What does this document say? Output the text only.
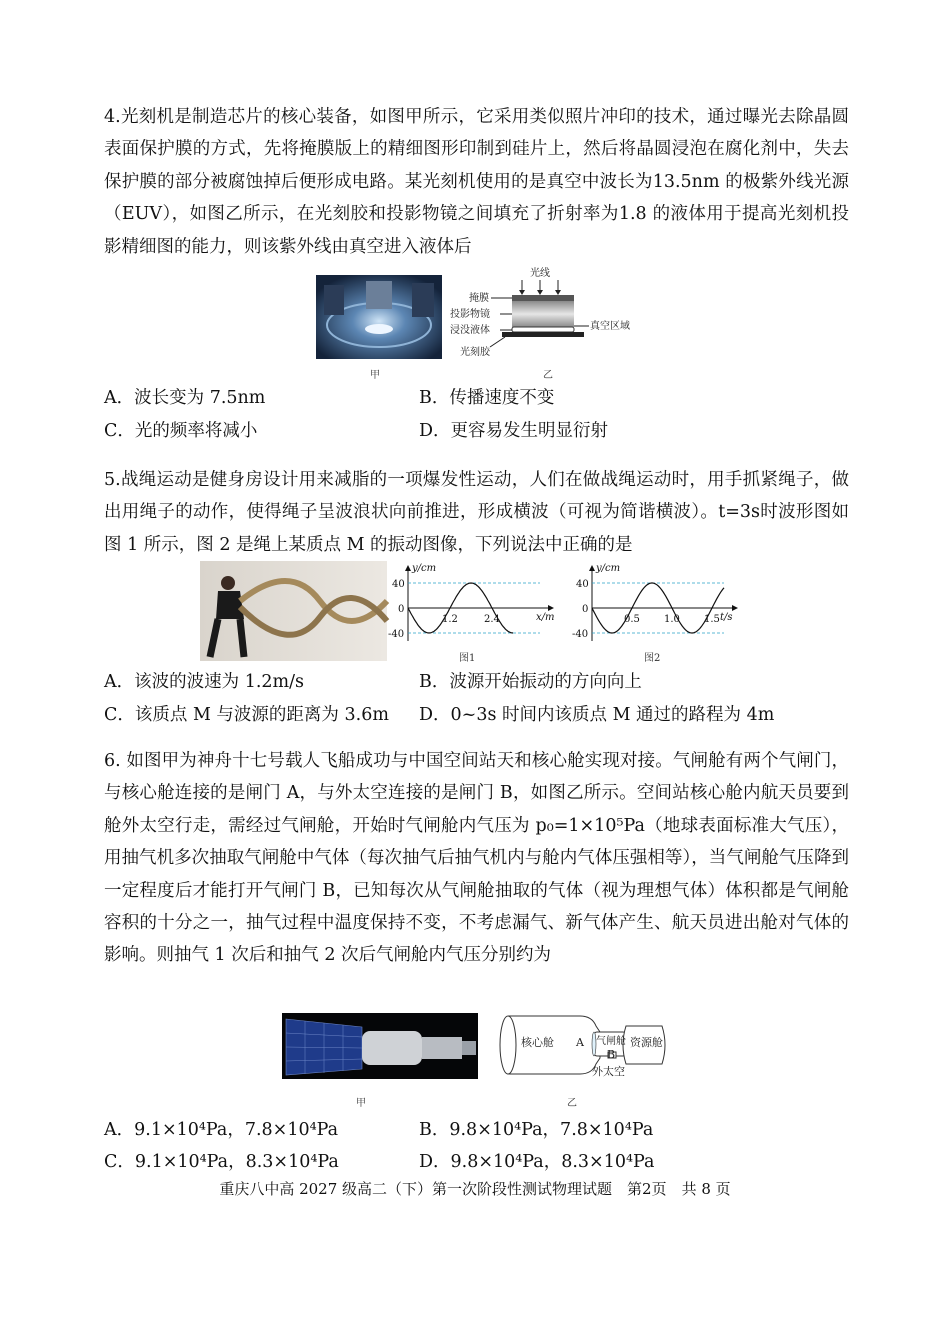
4.光刻机是制造芯片的核心装备，如图甲所示，它采用类似照片冲印的技术，通过曝光去除晶圆表面保护膜的方式，先将掩膜版上的精细图形印制到硅片上，然后将晶圆浸泡在腐化剂中，失去保护膜的部分被腐蚀掉后便形成电路。某光刻机使用的是真空中波长为13.5nm 的极紫外线光源（EUV），如图乙所示，在光刻胶和投影物镜之间填充了折射率为1.8 的液体用于提高光刻机投影精细图的能力，则该紫外线由真空进入液体后
甲
光线
掩膜
投影物镜
浸没液体
光刻胶
真空区域
乙
A．波长变为 7.5nm	B．传播速度不变
C．光的频率将减小	D．更容易发生明显衍射
5.战绳运动是健身房设计用来减脂的一项爆发性运动，人们在做战绳运动时，用手抓紧绳子，做出用绳子的动作，使得绳子呈波浪状向前推进，形成横波（可视为简谐横波）。t=3s时波形图如图 1 所示，图 2 是绳上某质点 M 的振动图像，下列说法中正确的是
y/cm
x/m
40
0
-40
1.2	2.4
图1
y/cm
t/s
40
0
-40
0.5 1.0 1.5
图2
A．该波的波速为 1.2m/s	B．波源开始振动的方向向上
C．该质点 M 与波源的距离为 3.6m D．0~3s 时间内该质点 M 通过的路程为 4m
6. 如图甲为神舟十七号载人飞船成功与中国空间站天和核心舱实现对接。气闸舱有两个气闸门，与核心舱连接的是闸门 A，与外太空连接的是闸门 B，如图乙所示。空间站核心舱内航天员要到舱外太空行走，需经过气闸舱，开始时气闸舱内气压为 p₀=1×10⁵Pa（地球表面标准大气压），用抽气机多次抽取气闸舱中气体（每次抽气后抽气机内与舱内气体压强相等），当气闸舱气压降到一定程度后才能打开气闸门 B，已知每次从气闸舱抽取的气体（视为理想气体）体积都是气闸舱容积的十分之一，抽气过程中温度保持不变，不考虑漏气、新气体产生、航天员进出舱对气体的影响。则抽气 1 次后和抽气 2 次后气闸舱内气压分别约为
甲
核心舱 A 气闸舱
B
资源舱
外太空
乙
A．9.1×10⁴Pa，7.8×10⁴Pa	B．9.8×10⁴Pa，7.8×10⁴Pa
C．9.1×10⁴Pa，8.3×10⁴Pa	D．9.8×10⁴Pa，8.3×10⁴Pa
重庆八中高 2027 级高二（下）第一次阶段性测试物理试题　第2页　共 8 页
